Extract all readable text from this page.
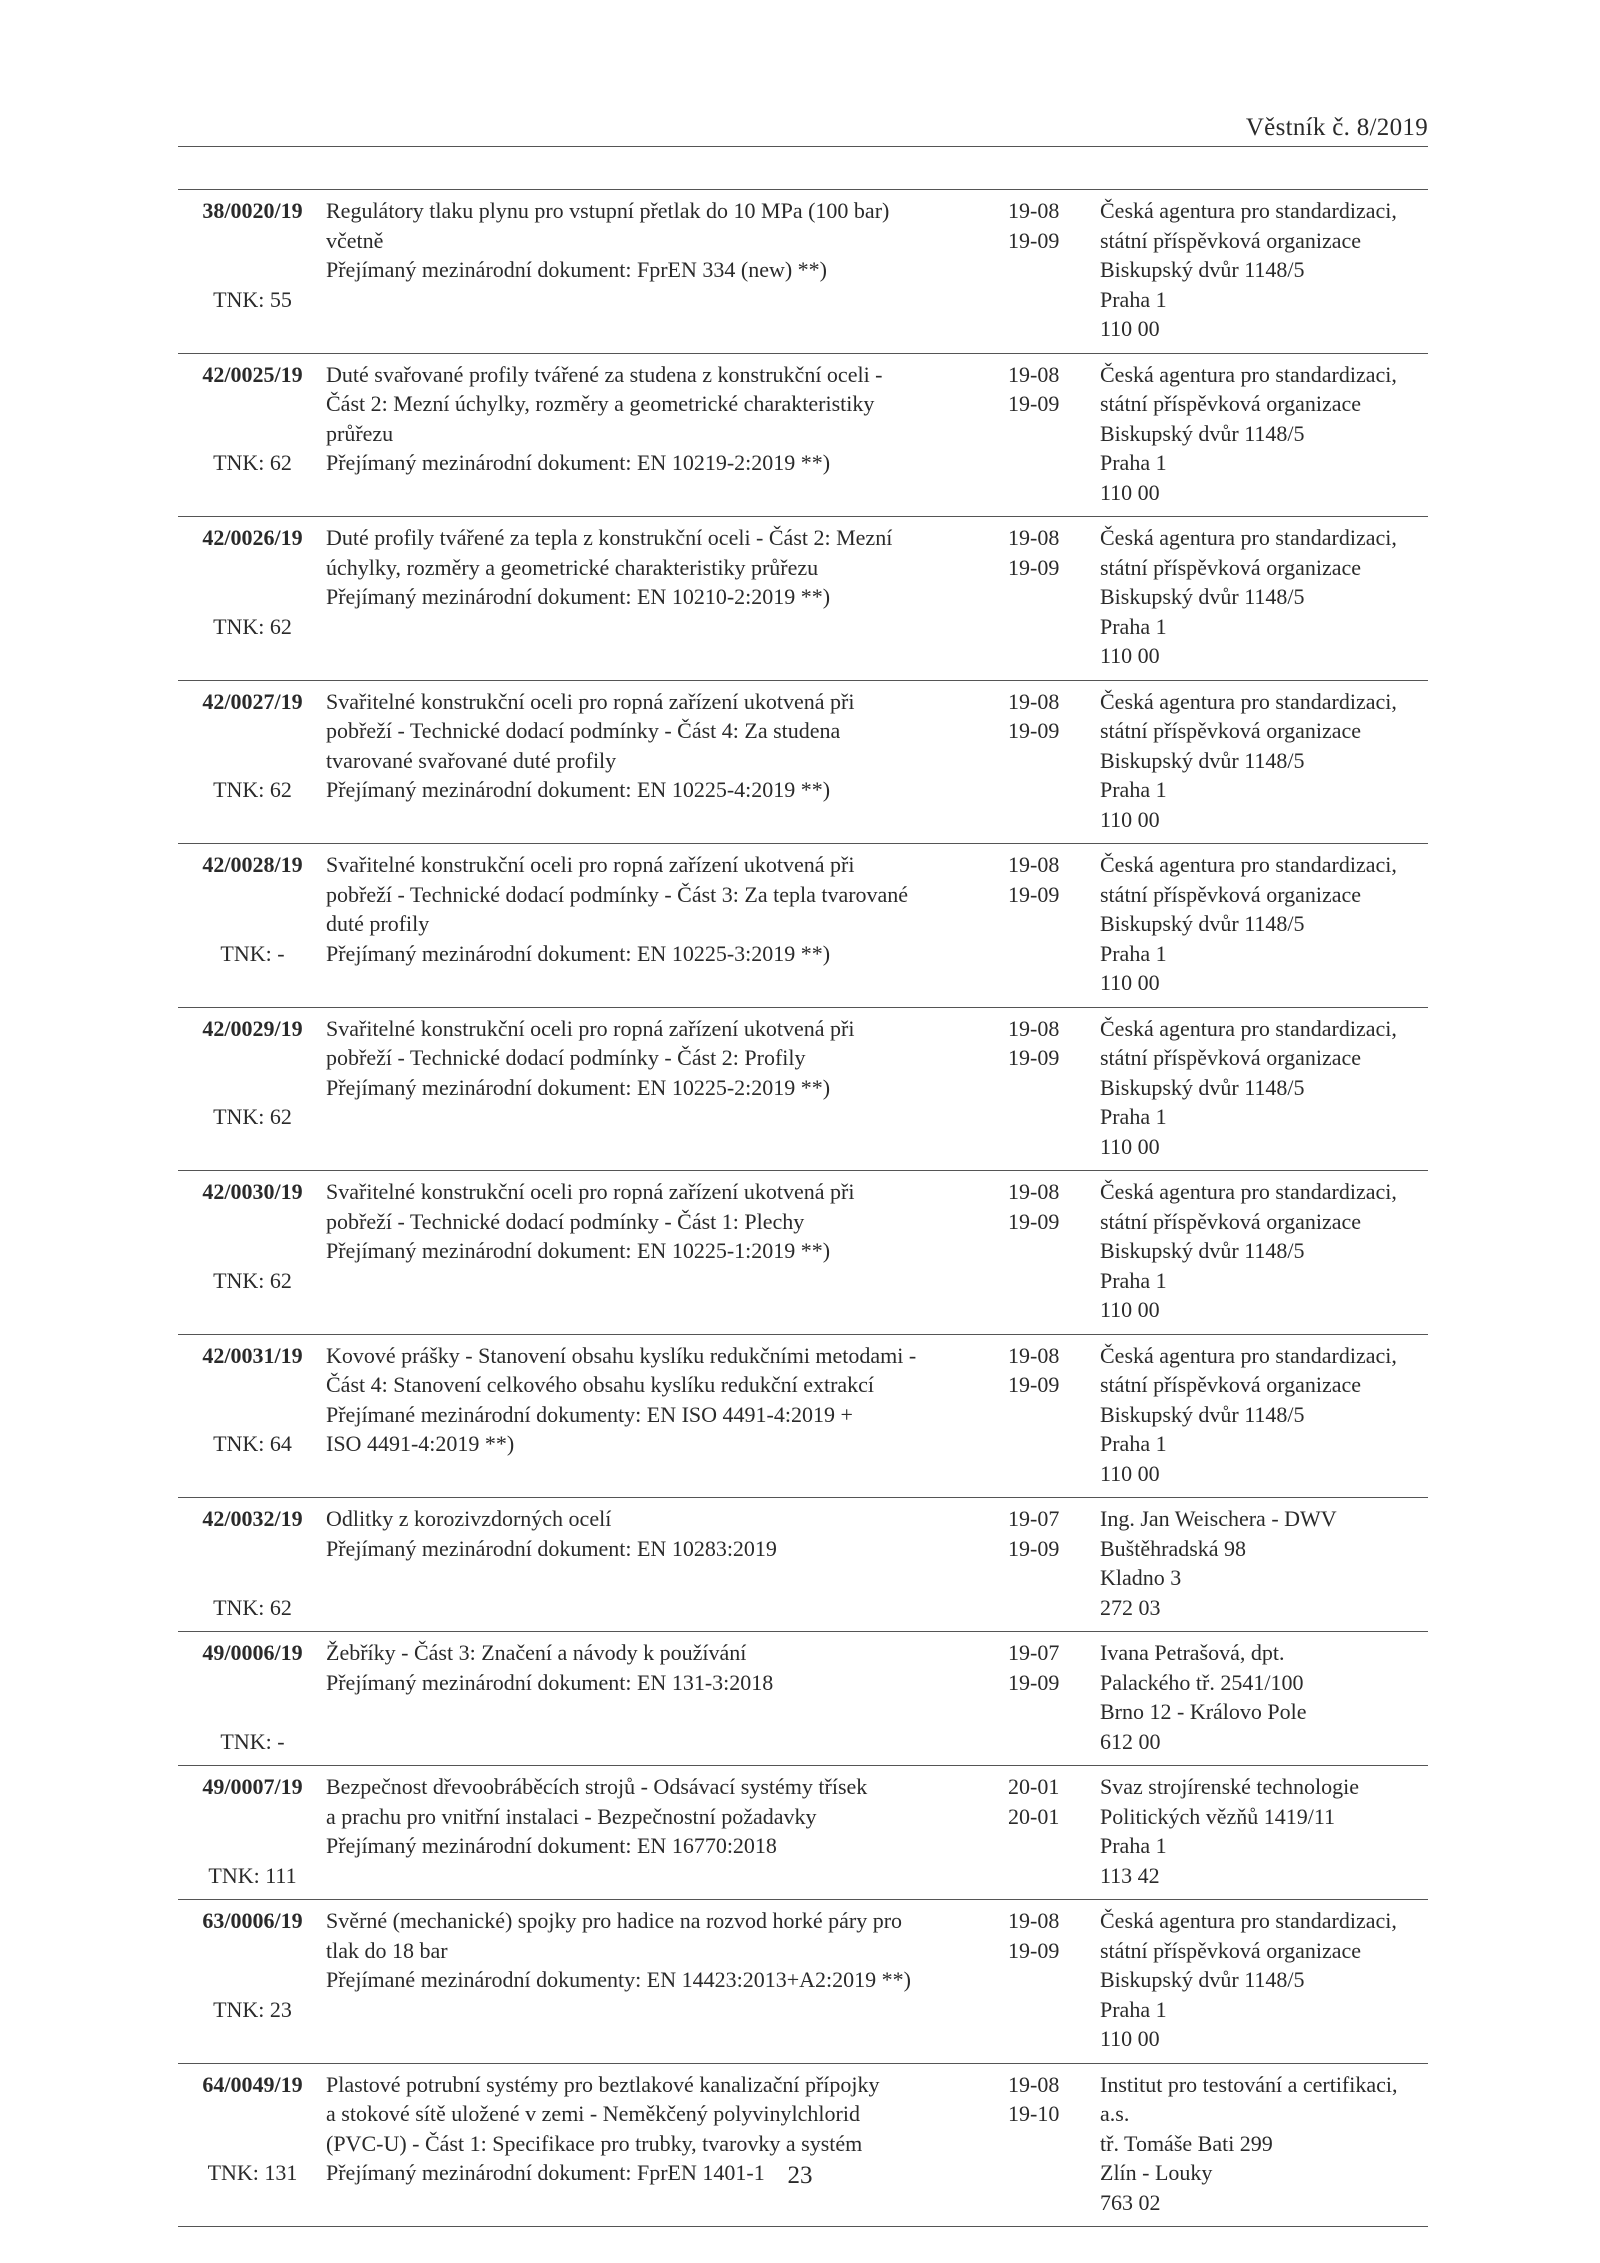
Věstník č. 8/2019
38/0020/19
TNK: 55
Regulátory tlaku plynu pro vstupní přetlak do 10 MPa (100 bar)
včetně
Přejímaný mezinárodní dokument: FprEN 334 (new) **)
19-08
19-09
Česká agentura pro standardizaci,
státní příspěvková organizace
Biskupský dvůr 1148/5
Praha 1
110 00
42/0025/19
TNK: 62
Duté svařované profily tvářené za studena z konstrukční oceli -
Část 2: Mezní úchylky, rozměry a geometrické charakteristiky
průřezu
Přejímaný mezinárodní dokument: EN 10219-2:2019 **)
19-08
19-09
Česká agentura pro standardizaci,
státní příspěvková organizace
Biskupský dvůr 1148/5
Praha 1
110 00
42/0026/19
TNK: 62
Duté profily tvářené za tepla z konstrukční oceli - Část 2: Mezní
úchylky, rozměry a geometrické charakteristiky průřezu
Přejímaný mezinárodní dokument: EN 10210-2:2019 **)
19-08
19-09
Česká agentura pro standardizaci,
státní příspěvková organizace
Biskupský dvůr 1148/5
Praha 1
110 00
42/0027/19
TNK: 62
Svařitelné konstrukční oceli pro ropná zařízení ukotvená při
pobřeží - Technické dodací podmínky - Část 4: Za studena
tvarované svařované duté profily
Přejímaný mezinárodní dokument: EN 10225-4:2019 **)
19-08
19-09
Česká agentura pro standardizaci,
státní příspěvková organizace
Biskupský dvůr 1148/5
Praha 1
110 00
42/0028/19
TNK: -
Svařitelné konstrukční oceli pro ropná zařízení ukotvená při
pobřeží - Technické dodací podmínky - Část 3: Za tepla tvarované
duté profily
Přejímaný mezinárodní dokument: EN 10225-3:2019 **)
19-08
19-09
Česká agentura pro standardizaci,
státní příspěvková organizace
Biskupský dvůr 1148/5
Praha 1
110 00
42/0029/19
TNK: 62
Svařitelné konstrukční oceli pro ropná zařízení ukotvená při
pobřeží - Technické dodací podmínky - Část 2: Profily
Přejímaný mezinárodní dokument: EN 10225-2:2019 **)
19-08
19-09
Česká agentura pro standardizaci,
státní příspěvková organizace
Biskupský dvůr 1148/5
Praha 1
110 00
42/0030/19
TNK: 62
Svařitelné konstrukční oceli pro ropná zařízení ukotvená při
pobřeží - Technické dodací podmínky - Část 1: Plechy
Přejímaný mezinárodní dokument: EN 10225-1:2019 **)
19-08
19-09
Česká agentura pro standardizaci,
státní příspěvková organizace
Biskupský dvůr 1148/5
Praha 1
110 00
42/0031/19
TNK: 64
Kovové prášky - Stanovení obsahu kyslíku redukčními metodami -
Část 4: Stanovení celkového obsahu kyslíku redukční extrakcí
Přejímané mezinárodní dokumenty: EN ISO 4491-4:2019 +
ISO 4491-4:2019 **)
19-08
19-09
Česká agentura pro standardizaci,
státní příspěvková organizace
Biskupský dvůr 1148/5
Praha 1
110 00
42/0032/19
TNK: 62
Odlitky z korozivzdorných ocelí
Přejímaný mezinárodní dokument: EN 10283:2019
19-07
19-09
Ing. Jan Weischera - DWV
Buštěhradská 98
Kladno 3
272 03
49/0006/19
TNK: -
Žebříky - Část 3: Značení a návody k používání
Přejímaný mezinárodní dokument: EN 131-3:2018
19-07
19-09
Ivana Petrašová, dpt.
Palackého tř. 2541/100
Brno 12 - Královo Pole
612 00
49/0007/19
TNK: 111
Bezpečnost dřevoobráběcích strojů - Odsávací systémy třísek
a prachu pro vnitřní instalaci - Bezpečnostní požadavky
Přejímaný mezinárodní dokument: EN 16770:2018
20-01
20-01
Svaz strojírenské technologie
Politických vězňů 1419/11
Praha 1
113 42
63/0006/19
TNK: 23
Svěrné (mechanické) spojky pro hadice na rozvod horké páry pro
tlak do 18 bar
Přejímané mezinárodní dokumenty: EN 14423:2013+A2:2019 **)
19-08
19-09
Česká agentura pro standardizaci,
státní příspěvková organizace
Biskupský dvůr 1148/5
Praha 1
110 00
64/0049/19
TNK: 131
Plastové potrubní systémy pro beztlakové kanalizační přípojky
a stokové sítě uložené v zemi - Neměkčený polyvinylchlorid
(PVC-U) - Část 1: Specifikace pro trubky, tvarovky a systém
Přejímaný mezinárodní dokument: FprEN 1401-1
19-08
19-10
Institut pro testování a certifikaci,
a.s.
tř. Tomáše Bati 299
Zlín - Louky
763 02
23
